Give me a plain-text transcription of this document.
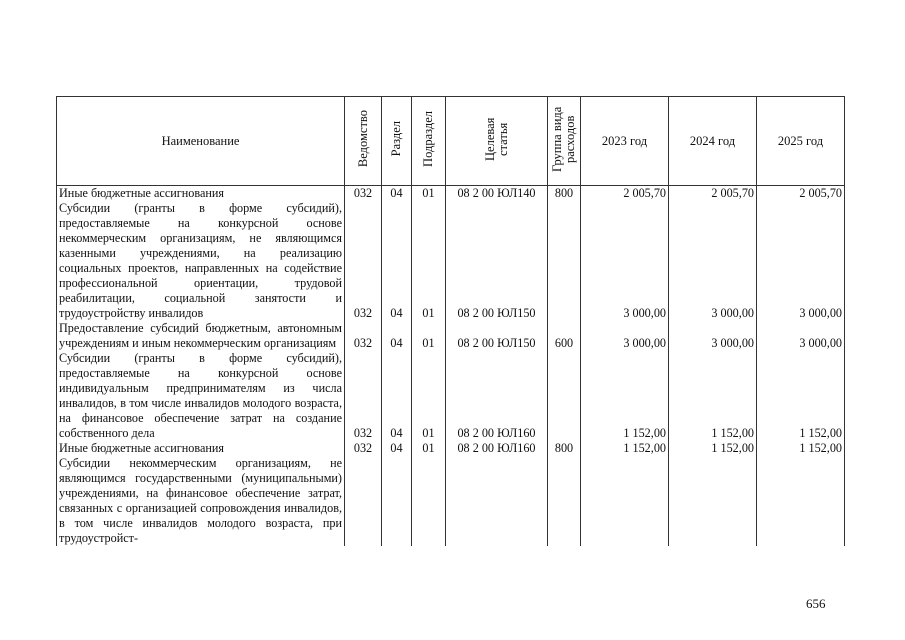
Наименование	Ведомство	Раздел	Подраздел	Целевая статья	Группа вида расходов	2023 год	2024 год	2025 год
Иные бюджетные ассигнования	032	04	01	08 2 00 ЮЛ140	800	2 005,70	2 005,70	2 005,70
Субсидии (гранты в форме субсидий), предоставляемые на конкурсной основе некоммерческим организациям, не являющимся казенными учреждениями, на реализацию социальных проектов, направленных на содействие профессиональной ориентации, трудовой реабилитации, социальной занятости и трудоустройству инвалидов	032	04	01	08 2 00 ЮЛ150		3 000,00	3 000,00	3 000,00
Предоставление субсидий бюджетным, автономным учреждениям и иным некоммерческим организациям	032	04	01	08 2 00 ЮЛ150	600	3 000,00	3 000,00	3 000,00
Субсидии (гранты в форме субсидий), предоставляемые на конкурсной основе индивидуальным предпринимателям из числа инвалидов, в том числе инвалидов молодого возраста, на финансовое обеспечение затрат на создание собственного дела	032	04	01	08 2 00 ЮЛ160		1 152,00	1 152,00	1 152,00
Иные бюджетные ассигнования	032	04	01	08 2 00 ЮЛ160	800	1 152,00	1 152,00	1 152,00
Субсидии некоммерческим организациям, не являющимся государственными (муниципальными) учреждениями, на финансовое обеспечение затрат, связанных с организацией сопровождения инвалидов, в том числе инвалидов молодого возраста, при трудоустройст-								
656
